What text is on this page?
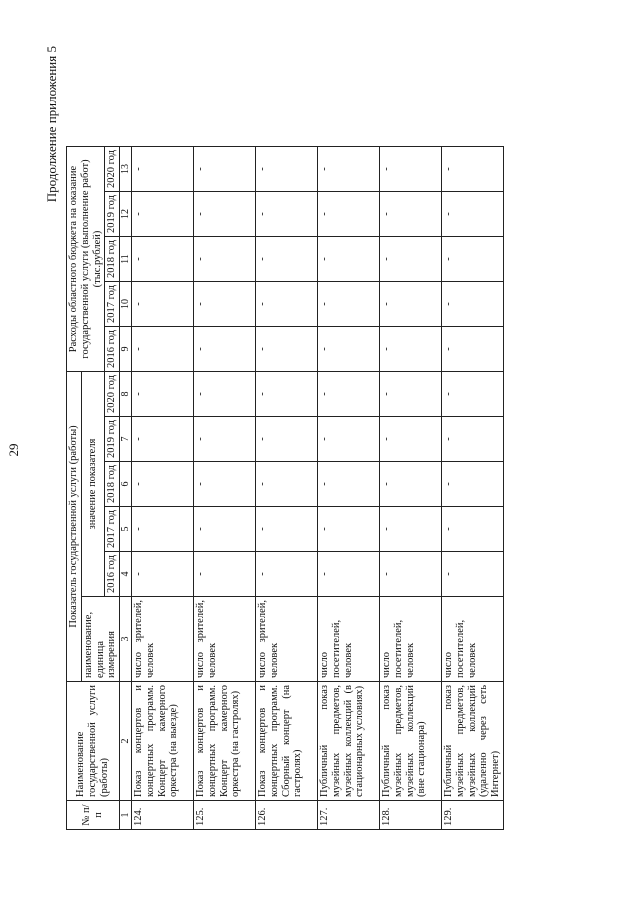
29
Продолжение приложения 5
№ п/п	Наименование государственной услуги (работы)	Показатель государственной услуги (работы)						Расходы областного бюджета на оказание государственной услуги (выполнение работ) (тыс.рублей)				
		наименование, единица измерения	значение показателя									
			2016 год	2017 год	2018 год	2019 год	2020 год	2016 год	2017 год	2018 год	2019 год	2020 год
1	2	3	4	5	6	7	8	9	10	11	12	13
124.	Показ концертов и концертных программ. Концерт камерного оркестра (на выезде)	число зрителей, человек	-	-	-	-	-	-	-	-	-	-
125.	Показ концертов и концертных программ. Концерт камерного оркестра (на гастролях)	число зрителей, человек	-	-	-	-	-	-	-	-	-	-
126.	Показ концертов и концертных программ. Сборный концерт (на гастролях)	число зрителей, человек	-	-	-	-	-	-	-	-	-	-
127.	Публичный показ музейных предметов, музейных коллекций (в стационарных условиях)	число посетителей, человек	-	-	-	-	-	-	-	-	-	-
128.	Публичный показ музейных предметов, музейных коллекций (вне стационара)	число посетителей, человек	-	-	-	-	-	-	-	-	-	-
129.	Публичный показ музейных предметов, музейных коллекций (удаленно через сеть Интернет)	число посетителей, человек	-	-	-	-	-	-	-	-	-	-
